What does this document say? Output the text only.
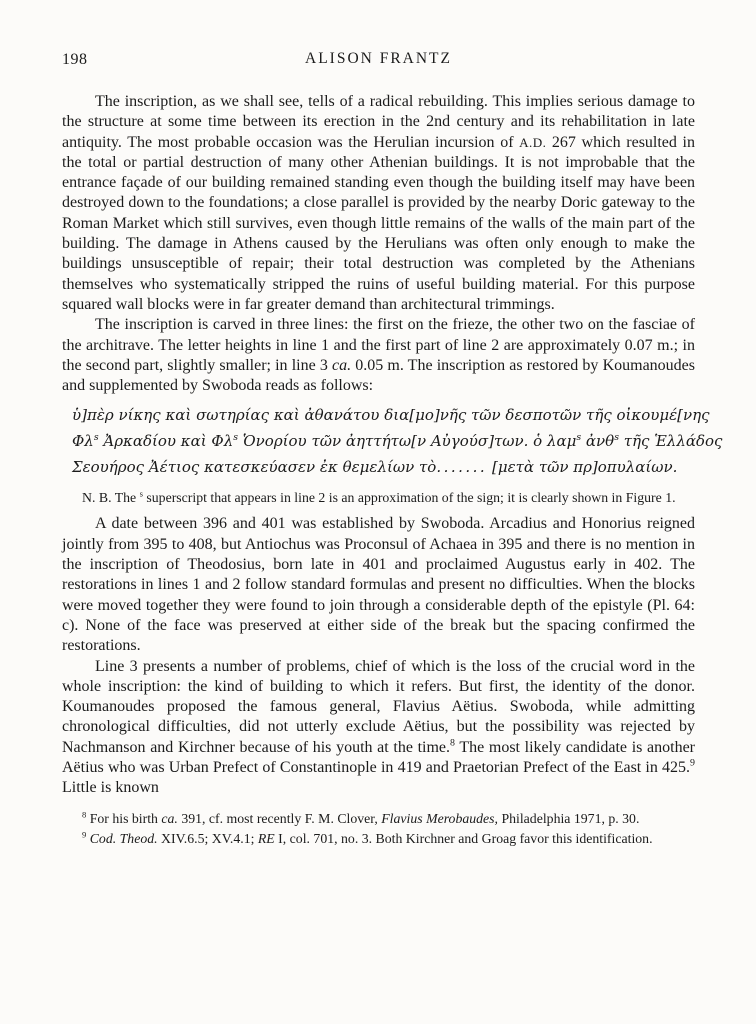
198	ALISON FRANTZ

The inscription, as we shall see, tells of a radical rebuilding. This implies serious damage to the structure at some time between its erection in the 2nd century and its rehabilitation in late antiquity. The most probable occasion was the Herulian incursion of A.D. 267 which resulted in the total or partial destruction of many other Athenian buildings. It is not improbable that the entrance façade of our building remained standing even though the building itself may have been destroyed down to the foundations; a close parallel is provided by the nearby Doric gateway to the Roman Market which still survives, even though little remains of the walls of the main part of the building. The damage in Athens caused by the Herulians was often only enough to make the buildings unsusceptible of repair; their total destruction was completed by the Athenians themselves who systematically stripped the ruins of useful building material. For this purpose squared wall blocks were in far greater demand than architectural trimmings.

The inscription is carved in three lines: the first on the frieze, the other two on the fasciae of the architrave. The letter heights in line 1 and the first part of line 2 are approximately 0.07 m.; in the second part, slightly smaller; in line 3 ca. 0.05 m. The inscription as restored by Koumanoudes and supplemented by Swoboda reads as follows:

ὑ]πὲρ νίκης καὶ σωτηρίας καὶ ἀθανάτου δια[μο]νῆς τῶν δεσποτῶν τῆς οἰκουμέ[νης
$\Phi\lambda^s$ Ἀρκαδίου καὶ $\Phi\lambda^s$ Ὁνορίου τῶν ἀηττήτω[ν Αὐγούσ]των. ὁ λαμ$^s$ ἀνθ$^s$ τῆς Ἑλλάδος
Σεουήρος Ἀέτιος κατεσκεύασεν ἐκ θεμελίων τὸ....... [μετὰ τῶν πρ]οπυλαίων.

N. B. The $^s$ superscript that appears in line 2 is an approximation of the sign; it is clearly shown in Figure 1.

A date between 396 and 401 was established by Swoboda. Arcadius and Honorius reigned jointly from 395 to 408, but Antiochus was Proconsul of Achaea in 395 and there is no mention in the inscription of Theodosius, born late in 401 and proclaimed Augustus early in 402. The restorations in lines 1 and 2 follow standard formulas and present no difficulties. When the blocks were moved together they were found to join through a considerable depth of the epistyle (Pl. 64: c). None of the face was preserved at either side of the break but the spacing confirmed the restorations.

Line 3 presents a number of problems, chief of which is the loss of the crucial word in the whole inscription: the kind of building to which it refers. But first, the identity of the donor. Koumanoudes proposed the famous general, Flavius Aëtius. Swoboda, while admitting chronological difficulties, did not utterly exclude Aëtius, but the possibility was rejected by Nachmanson and Kirchner because of his youth at the time.$^8$ The most likely candidate is another Aëtius who was Urban Prefect of Constantinople in 419 and Praetorian Prefect of the East in 425.$^9$ Little is known

$^8$ For his birth ca. 391, cf. most recently F. M. Clover, Flavius Merobaudes, Philadelphia 1971, p. 30.

$^9$ Cod. Theod. XIV.6.5; XV.4.1; RE I, col. 701, no. 3. Both Kirchner and Groag favor this identification.
